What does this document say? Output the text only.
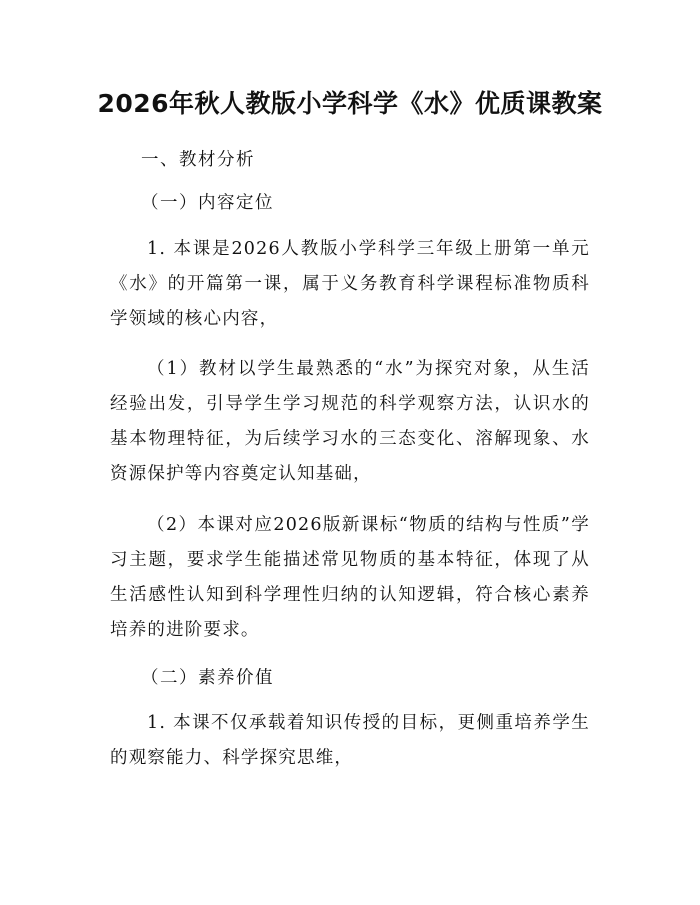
2026年秋人教版小学科学《水》优质课教案
一、教材分析
（一）内容定位
1. 本课是2026人教版小学科学三年级上册第一单元《水》的开篇第一课，属于义务教育科学课程标准物质科学领域的核心内容，
（1）教材以学生最熟悉的“水”为探究对象，从生活经验出发，引导学生学习规范的科学观察方法，认识水的基本物理特征，为后续学习水的三态变化、溶解现象、水资源保护等内容奠定认知基础，
（2）本课对应2026版新课标“物质的结构与性质”学习主题，要求学生能描述常见物质的基本特征，体现了从生活感性认知到科学理性归纳的认知逻辑，符合核心素养培养的进阶要求。
（二）素养价值
1. 本课不仅承载着知识传授的目标，更侧重培养学生的观察能力、科学探究思维，
